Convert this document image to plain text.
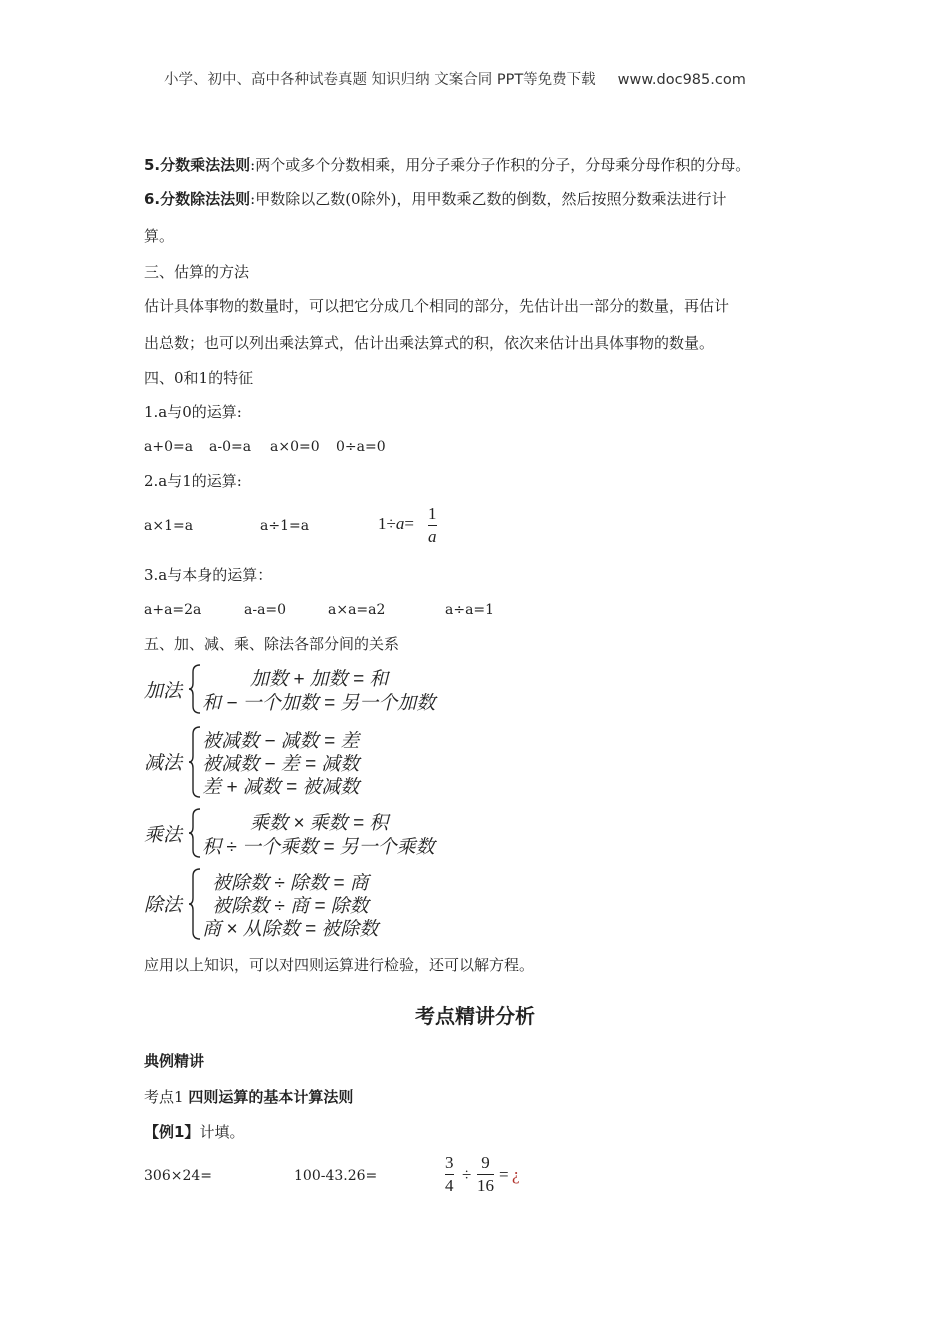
小学、初中、高中各种试卷真题 知识归纳 文案合同 PPT等免费下载 www.doc985.com
5.分数乘法法则:两个或多个分数相乘，用分子乘分子作积的分子，分母乘分母作积的分母。
6.分数除法法则:甲数除以乙数(0除外)，用甲数乘乙数的倒数，然后按照分数乘法进行计
算。
三、估算的方法
估计具体事物的数量时，可以把它分成几个相同的部分，先估计出一部分的数量，再估计
出总数；也可以列出乘法算式，估计出乘法算式的积，依次来估计出具体事物的数量。
四、0和1的特征
1.a与0的运算:
a+0=a a-0=a a×0=0 0÷a=0
2.a与1的运算:
a×1=a	a÷1=a	1÷a=
1
a
3.a与本身的运算：
a+a=2a	a-a=0	a×a=a2	a÷a=1
五、加、减、乘、除法各部分间的关系
加法
加数 + 加数 = 和
和 − 一个加数 = 另一个加数
减法
被减数 − 减数 = 差
被减数 − 差 = 减数
差 + 减数 = 被减数
乘法
乘数 × 乘数 = 积
积 ÷ 一个乘数 = 另一个乘数
除法
被除数 ÷ 除数 = 商
被除数 ÷ 商 = 除数
商 × 从除数 = 被除数
应用以上知识，可以对四则运算进行检验，还可以解方程。
考点精讲分析
典例精讲
考点1 四则运算的基本计算法则
【例1】计填。
306×24=	100-43.26=
3
4
÷
9
16
= ¿
